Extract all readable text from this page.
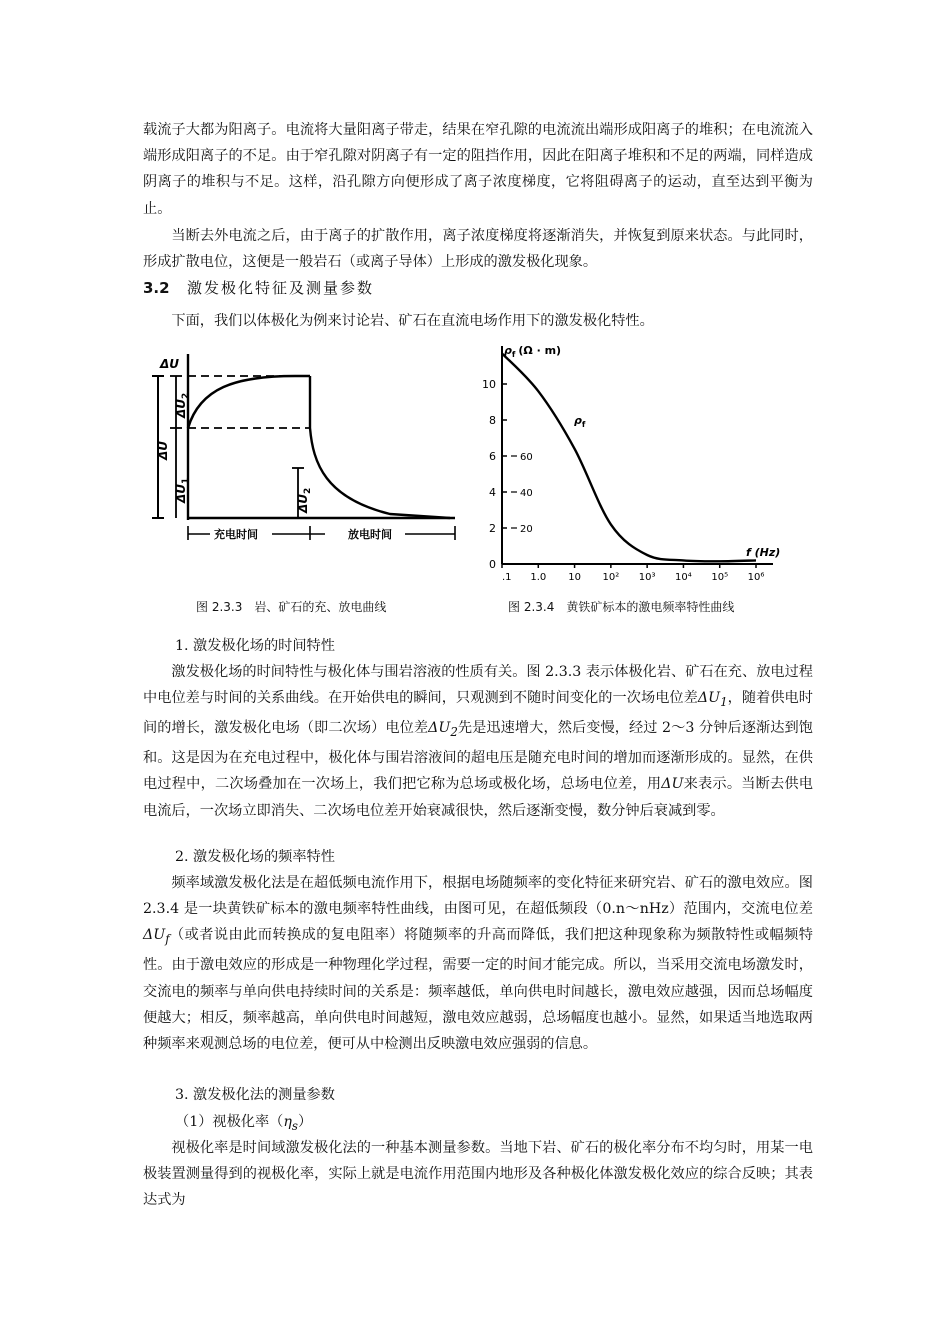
载流子大都为阳离子。电流将大量阳离子带走，结果在窄孔隙的电流流出端形成阳离子的堆积；在电流流入端形成阳离子的不足。由于窄孔隙对阴离子有一定的阻挡作用，因此在阳离子堆积和不足的两端，同样造成阴离子的堆积与不足。这样，沿孔隙方向便形成了离子浓度梯度，它将阻碍离子的运动，直至达到平衡为止。

当断去外电流之后，由于离子的扩散作用，离子浓度梯度将逐渐消失，并恢复到原来状态。与此同时，形成扩散电位，这便是一般岩石（或离子导体）上形成的激发极化现象。

3.2 激发极化特征及测量参数

下面，我们以体极化为例来讨论岩、矿石在直流电场作用下的激发极化特性。

ΔU
ΔU
$\Delta U_1$
$\Delta U_2$
$\Delta U_2$
充电时间	放电时间
10
8
6
4
2
0
60
40
20
.1 1.0 10 10² 10³ 10⁴ 10⁵ 10⁶
$\rho_f$ (Ω · m)
$\rho_f$
f (Hz)
图 2.3.3 岩、矿石的充、放电曲线	图 2.3.4 黄铁矿标本的激电频率特性曲线

1. 激发极化场的时间特性

激发极化场的时间特性与极化体与围岩溶液的性质有关。图 2.3.3 表示体极化岩、矿石在充、放电过程中电位差与时间的关系曲线。在开始供电的瞬间，只观测到不随时间变化的一次场电位差$\Delta U_1$，随着供电时间的增长，激发极化电场（即二次场）电位差$\Delta U_2$先是迅速增大，然后变慢，经过 2～3 分钟后逐渐达到饱和。这是因为在充电过程中，极化体与围岩溶液间的超电压是随充电时间的增加而逐渐形成的。显然，在供电过程中，二次场叠加在一次场上，我们把它称为总场或极化场，总场电位差，用ΔU来表示。当断去供电电流后，一次场立即消失、二次场电位差开始衰减很快，然后逐渐变慢，数分钟后衰减到零。

2. 激发极化场的频率特性

频率域激发极化法是在超低频电流作用下，根据电场随频率的变化特征来研究岩、矿石的激电效应。图 2.3.4 是一块黄铁矿标本的激电频率特性曲线，由图可见，在超低频段（0.n～nHz）范围内，交流电位差$\Delta U_f$（或者说由此而转换成的复电阻率）将随频率的升高而降低，我们把这种现象称为频散特性或幅频特性。由于激电效应的形成是一种物理化学过程，需要一定的时间才能完成。所以，当采用交流电场激发时，交流电的频率与单向供电持续时间的关系是：频率越低，单向供电时间越长，激电效应越强，因而总场幅度便越大；相反，频率越高，单向供电时间越短，激电效应越弱，总场幅度也越小。显然，如果适当地选取两种频率来观测总场的电位差，便可从中检测出反映激电效应强弱的信息。

3. 激发极化法的测量参数

（1）视极化率$(\eta_s)$

视极化率是时间域激发极化法的一种基本测量参数。当地下岩、矿石的极化率分布不均匀时，用某一电极装置测量得到的视极化率，实际上就是电流作用范围内地形及各种极化体激发极化效应的综合反映；其表达式为
